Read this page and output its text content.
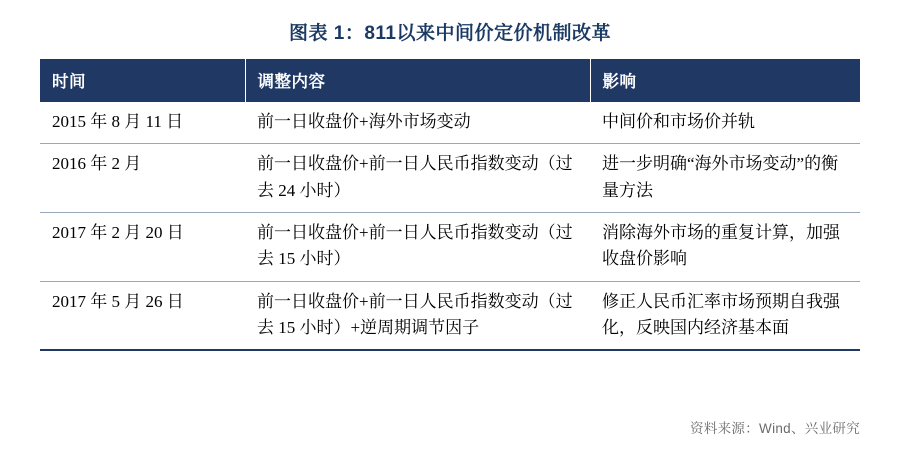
图表 1：811以来中间价定价机制改革
时间	调整内容	影响
2015 年 8 月 11 日	前一日收盘价+海外市场变动	中间价和市场价并轨
2016 年 2 月	前一日收盘价+前一日人民币指数变动（过去 24 小时）	进一步明确“海外市场变动”的衡量方法
2017 年 2 月 20 日	前一日收盘价+前一日人民币指数变动（过去 15 小时）	消除海外市场的重复计算，加强收盘价影响
2017 年 5 月 26 日	前一日收盘价+前一日人民币指数变动（过去 15 小时）+逆周期调节因子	修正人民币汇率市场预期自我强化，反映国内经济基本面
资料来源：Wind、兴业研究
